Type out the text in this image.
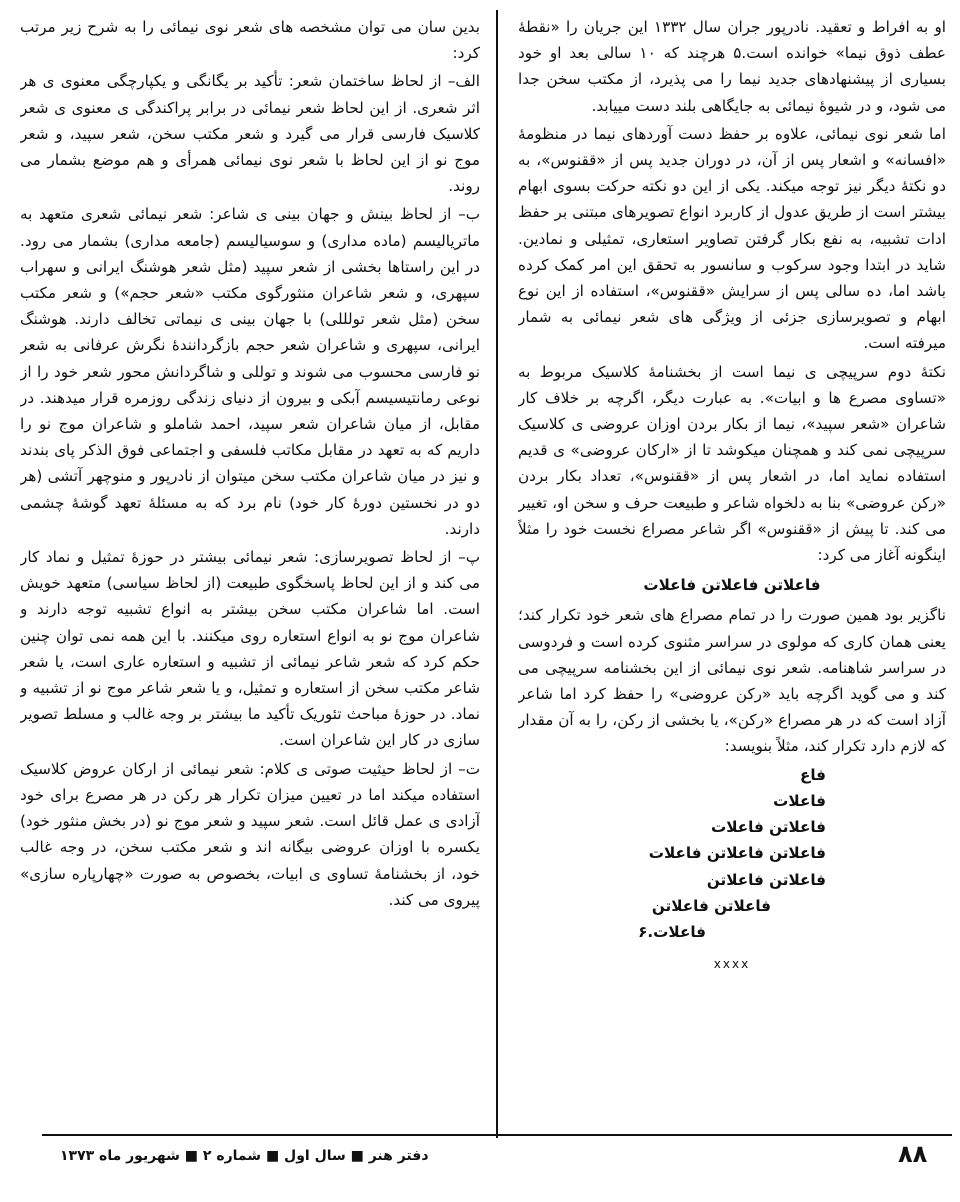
او به افراط و تعقید. نادرپور جران سال ۱۳۳۲ این جریان را «نقطهٔ عطف ذوق نیما» خوانده است.۵ هرچند که ۱۰ سالی بعد او خود بسیاری از پیشنهادهای جدید نیما را می پذیرد، از مکتب سخن جدا می شود، و در شیوهٔ نیمائی به جایگاهی بلند دست مییابد.

اما شعر نوی نیمائی، علاوه بر حفظ دست آوردهای نیما در منظومهٔ «افسانه» و اشعار پس از آن، در دوران جدید پس از «ققنوس»، به دو نکتهٔ دیگر نیز توجه میکند. یکی از این دو نکته حرکت بسوی ابهام بیشتر است از طریق عدول از کاربرد انواع تصویرهای مبتنی بر حفظ ادات تشبیه، به نفع بکار گرفتن تصاویر استعاری، تمثیلی و نمادین. شاید در ابتدا وجود سرکوب و سانسور به تحقق این امر کمک کرده باشد اما، ده سالی پس از سرایش «ققنوس»، استفاده از این نوع ابهام و تصویرسازی جزئی از ویژگی های شعر نیمائی به شمار میرفته است.

نکتهٔ دوم سرپیچی ی نیما است از بخشنامهٔ کلاسیک مربوط به «تساوی مصرع ها و ابیات». به عبارت دیگر، اگرچه بر خلاف کار شاعران «شعر سپید»، نیما از بکار بردن اوزان عروضی ی کلاسیک سرپیچی نمی کند و همچنان میکوشد تا از «ارکان عروضی» ی قدیم استفاده نماید اما، در اشعار پس از «ققنوس»، تعداد بکار بردن «رکن عروضی» بنا به دلخواه شاعر و طبیعت حرف و سخن او، تغییر می کند. تا پیش از «ققنوس» اگر شاعر مصراع نخست خود را مثلاً اینگونه آغاز می کرد:

فاعلاتن فاعلاتن فاعلات

ناگزیر بود همین صورت را در تمام مصراع های شعر خود تکرار کند؛ یعنی همان کاری که مولوی در سراسر مثنوی کرده است و فردوسی در سراسر شاهنامه. شعر نوی نیمائی از این بخشنامه سرپیچی می کند و می گوید اگرچه باید «رکن عروضی» را حفظ کرد اما شاعر آزاد است که در هر مصراع «رکن»، یا بخشی از رکن، را به آن مقدار که لازم دارد تکرار کند، مثلاً بنویسد:

فاع

فاعلات

فاعلاتن فاعلات

فاعلاتن فاعلاتن فاعلات

فاعلاتن فاعلاتن

فاعلاتن فاعلاتن

فاعلات.۶

xxxx

بدین سان می توان مشخصه های شعر نوی نیمائی را به شرح زیر مرتب کرد:

الف– از لحاظ ساختمان شعر: تأکید بر یگانگی و یکپارچگی معنوی ی هر اثر شعری. از این لحاظ شعر نیمائی در برابر پراکندگی ی معنوی ی شعر کلاسیک فارسی قرار می گیرد و شعر مکتب سخن، شعر سپید، و شعر موج نو از این لحاظ با شعر نوی نیمائی همرأی و هم موضع بشمار می روند.

ب– از لحاظ بینش و جهان بینی ی شاعر: شعر نیمائی شعری متعهد به ماتریالیسم (ماده مداری) و سوسیالیسم (جامعه مداری) بشمار می رود. در این راستاها بخشی از شعر سپید (مثل شعر هوشنگ ایرانی و سهراب سپهری، و شعر شاعران منثورگوی مکتب «شعر حجم») و شعر مکتب سخن (مثل شعر تولللی) با جهان بینی ی نیماتی تخالف دارند. هوشنگ ایرانی، سپهری و شاعران شعر حجم بازگردانندهٔ نگرش عرفانی به شعر نو فارسی محسوب می شوند و توللی و شاگردانش محور شعر خود را از نوعی رمانتیسیسم آبکی و بیرون از دنیای زندگی روزمره قرار میدهند. در مقابل، از میان شاعران شعر سپید، احمد شاملو و شاعران موج نو را داریم که به تعهد در مقابل مکاتب فلسفی و اجتماعی فوق الذکر پای بندند و نیز در میان شاعران مکتب سخن میتوان از نادرپور و منوچهر آتشی (هر دو در نخستین دورهٔ کار خود) نام برد که به مسئلهٔ تعهد گوشهٔ چشمی دارند.

پ– از لحاظ تصویرسازی: شعر نیمائی بیشتر در حوزهٔ تمثیل و نماد کار می کند و از این لحاظ پاسخگوی طبیعت (از لحاظ سیاسی) متعهد خویش است. اما شاعران مکتب سخن بیشتر به انواع تشبیه توجه دارند و شاعران موج نو به انواع استعاره روی میکنند. با این همه نمی توان چنین حکم کرد که شعر شاعر نیمائی از تشبیه و استعاره عاری است، یا شعر شاعر مکتب سخن از استعاره و تمثیل، و یا شعر شاعر موج نو از تشبیه و نماد. در حوزهٔ مباحث تئوریک تأکید ما بیشتر بر وجه غالب و مسلط تصویر سازی در کار این شاعران است.

ت– از لحاظ حیثیت صوتی ی کلام: شعر نیمائی از ارکان عروض کلاسیک استفاده میکند اما در تعیین میزان تکرار هر رکن در هر مصرع برای خود آزادی ی عمل قائل است. شعر سپید و شعر موج نو (در بخش منثور خود) یکسره با اوزان عروضی بیگانه اند و شعر مکتب سخن، در وجه غالب خود، از بخشنامهٔ تساوی ی ابیات، بخصوص به صورت «چهارپاره سازی» پیروی می کند.

دفتر هنر ■ سال اول ■ شماره ۲ ■ شهریور ماه ۱۳۷۳	۸۸
